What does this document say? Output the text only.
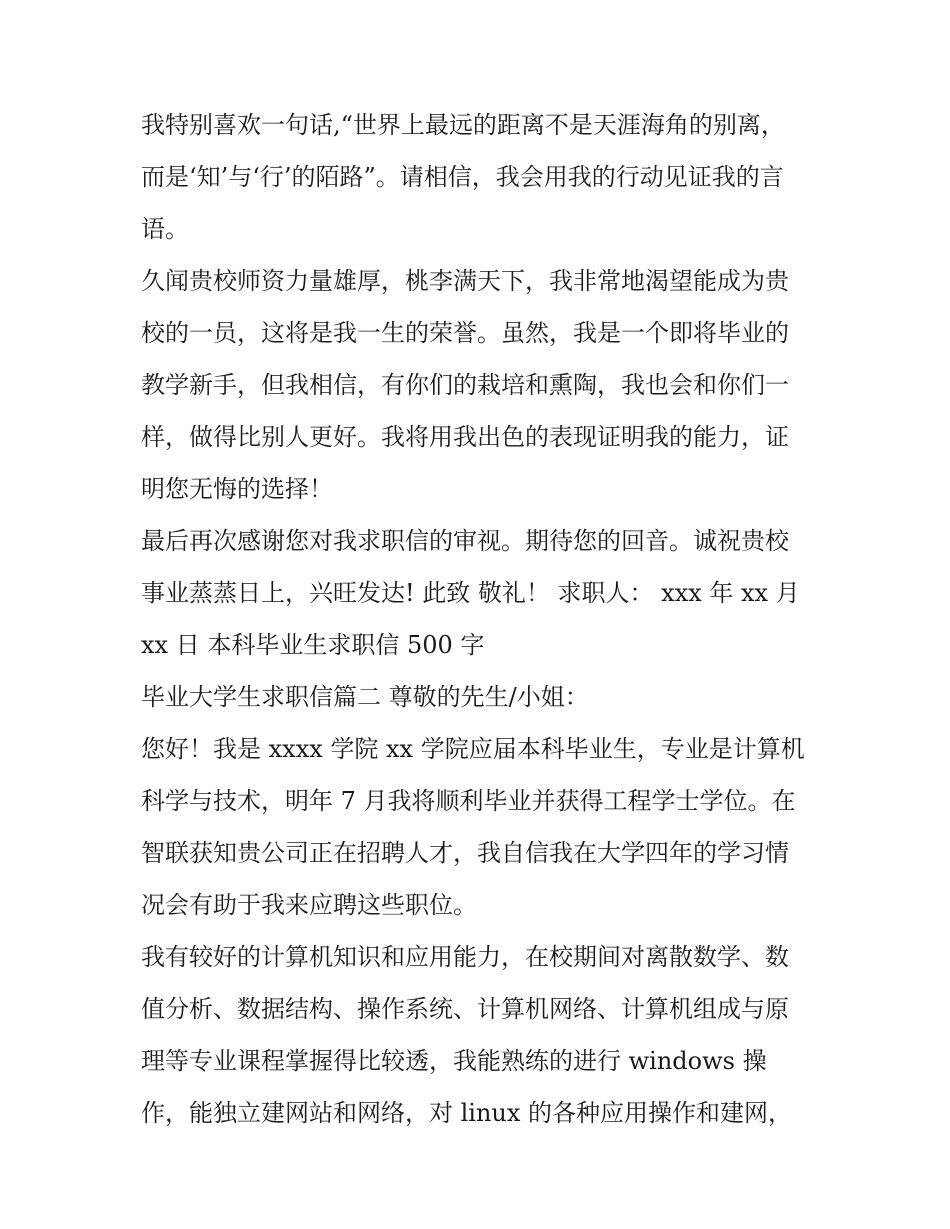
我特别喜欢一句话,“世界上最远的距离不是天涯海角的别离，
而是‘知’与‘行’的陌路”。请相信，我会用我的行动见证我的言
语。
久闻贵校师资力量雄厚，桃李满天下，我非常地渴望能成为贵
校的一员，这将是我一生的荣誉。虽然，我是一个即将毕业的
教学新手，但我相信，有你们的栽培和熏陶，我也会和你们一
样，做得比别人更好。我将用我出色的表现证明我的能力，证
明您无悔的选择！
最后再次感谢您对我求职信的审视。期待您的回音。诚祝贵校
事业蒸蒸日上，兴旺发达! 此致 敬礼！ 求职人： xxx 年 xx 月
xx 日 本科毕业生求职信 500 字
毕业大学生求职信篇二 尊敬的先生/小姐：
您好！我是 xxxx 学院 xx 学院应届本科毕业生，专业是计算机
科学与技术，明年 7 月我将顺利毕业并获得工程学士学位。在
智联获知贵公司正在招聘人才，我自信我在大学四年的学习情
况会有助于我来应聘这些职位。
我有较好的计算机知识和应用能力，在校期间对离散数学、数
值分析、数据结构、操作系统、计算机网络、计算机组成与原
理等专业课程掌握得比较透，我能熟练的进行 windows 操
作，能独立建网站和网络，对 linux 的各种应用操作和建网，
